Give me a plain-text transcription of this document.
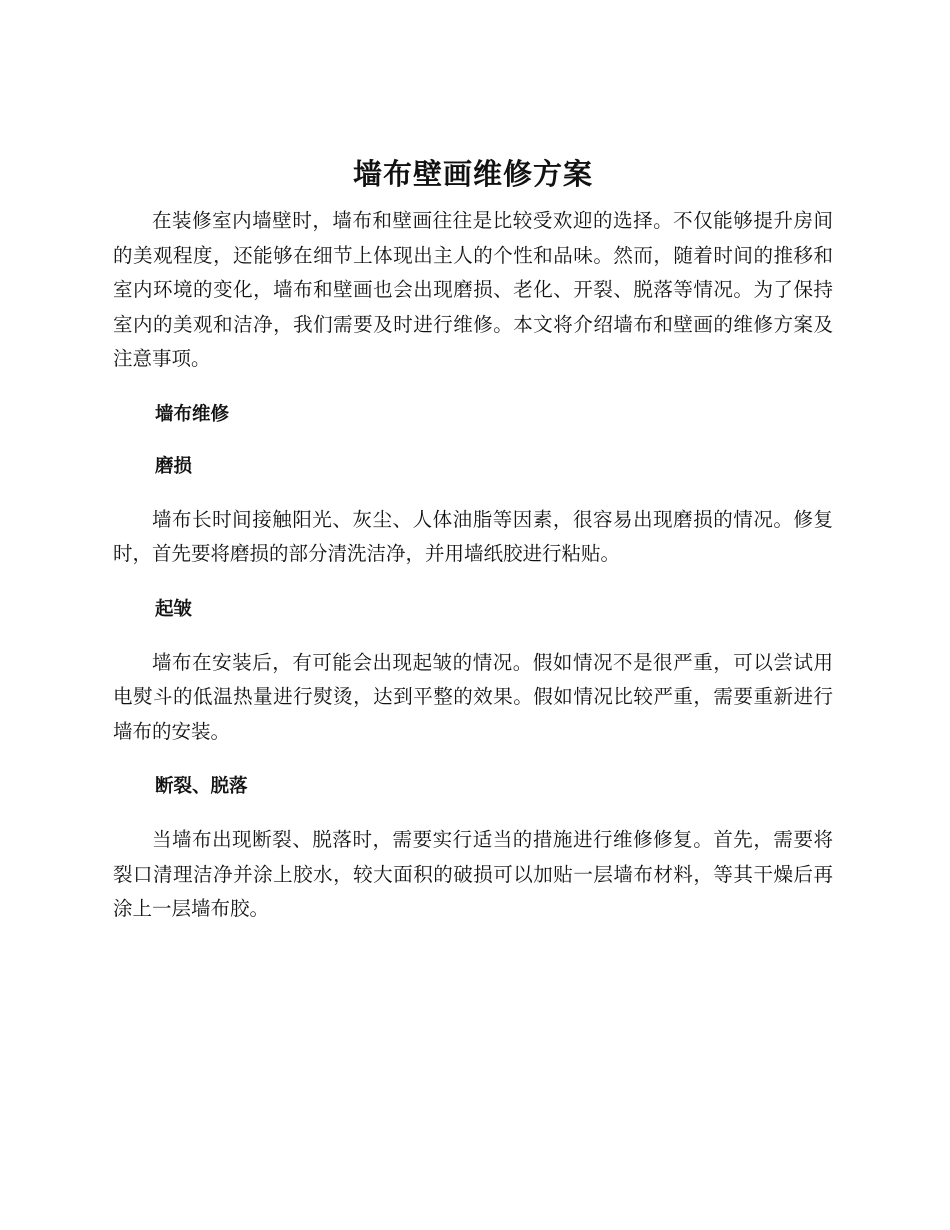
墙布壁画维修方案

在装修室内墙壁时，墙布和壁画往往是比较受欢迎的选择。不仅能够提升房间的美观程度，还能够在细节上体现出主人的个性和品味。然而，随着时间的推移和室内环境的变化，墙布和壁画也会出现磨损、老化、开裂、脱落等情况。为了保持室内的美观和洁净，我们需要及时进行维修。本文将介绍墙布和壁画的维修方案及注意事项。

墙布维修
磨损

墙布长时间接触阳光、灰尘、人体油脂等因素，很容易出现磨损的情况。修复时，首先要将磨损的部分清洗洁净，并用墙纸胶进行粘贴。

起皱

墙布在安装后，有可能会出现起皱的情况。假如情况不是很严重，可以尝试用电熨斗的低温热量进行熨烫，达到平整的效果。假如情况比较严重，需要重新进行墙布的安装。

断裂、脱落

当墙布出现断裂、脱落时，需要实行适当的措施进行维修修复。首先，需要将裂口清理洁净并涂上胶水，较大面积的破损可以加贴一层墙布材料，等其干燥后再涂上一层墙布胶。
